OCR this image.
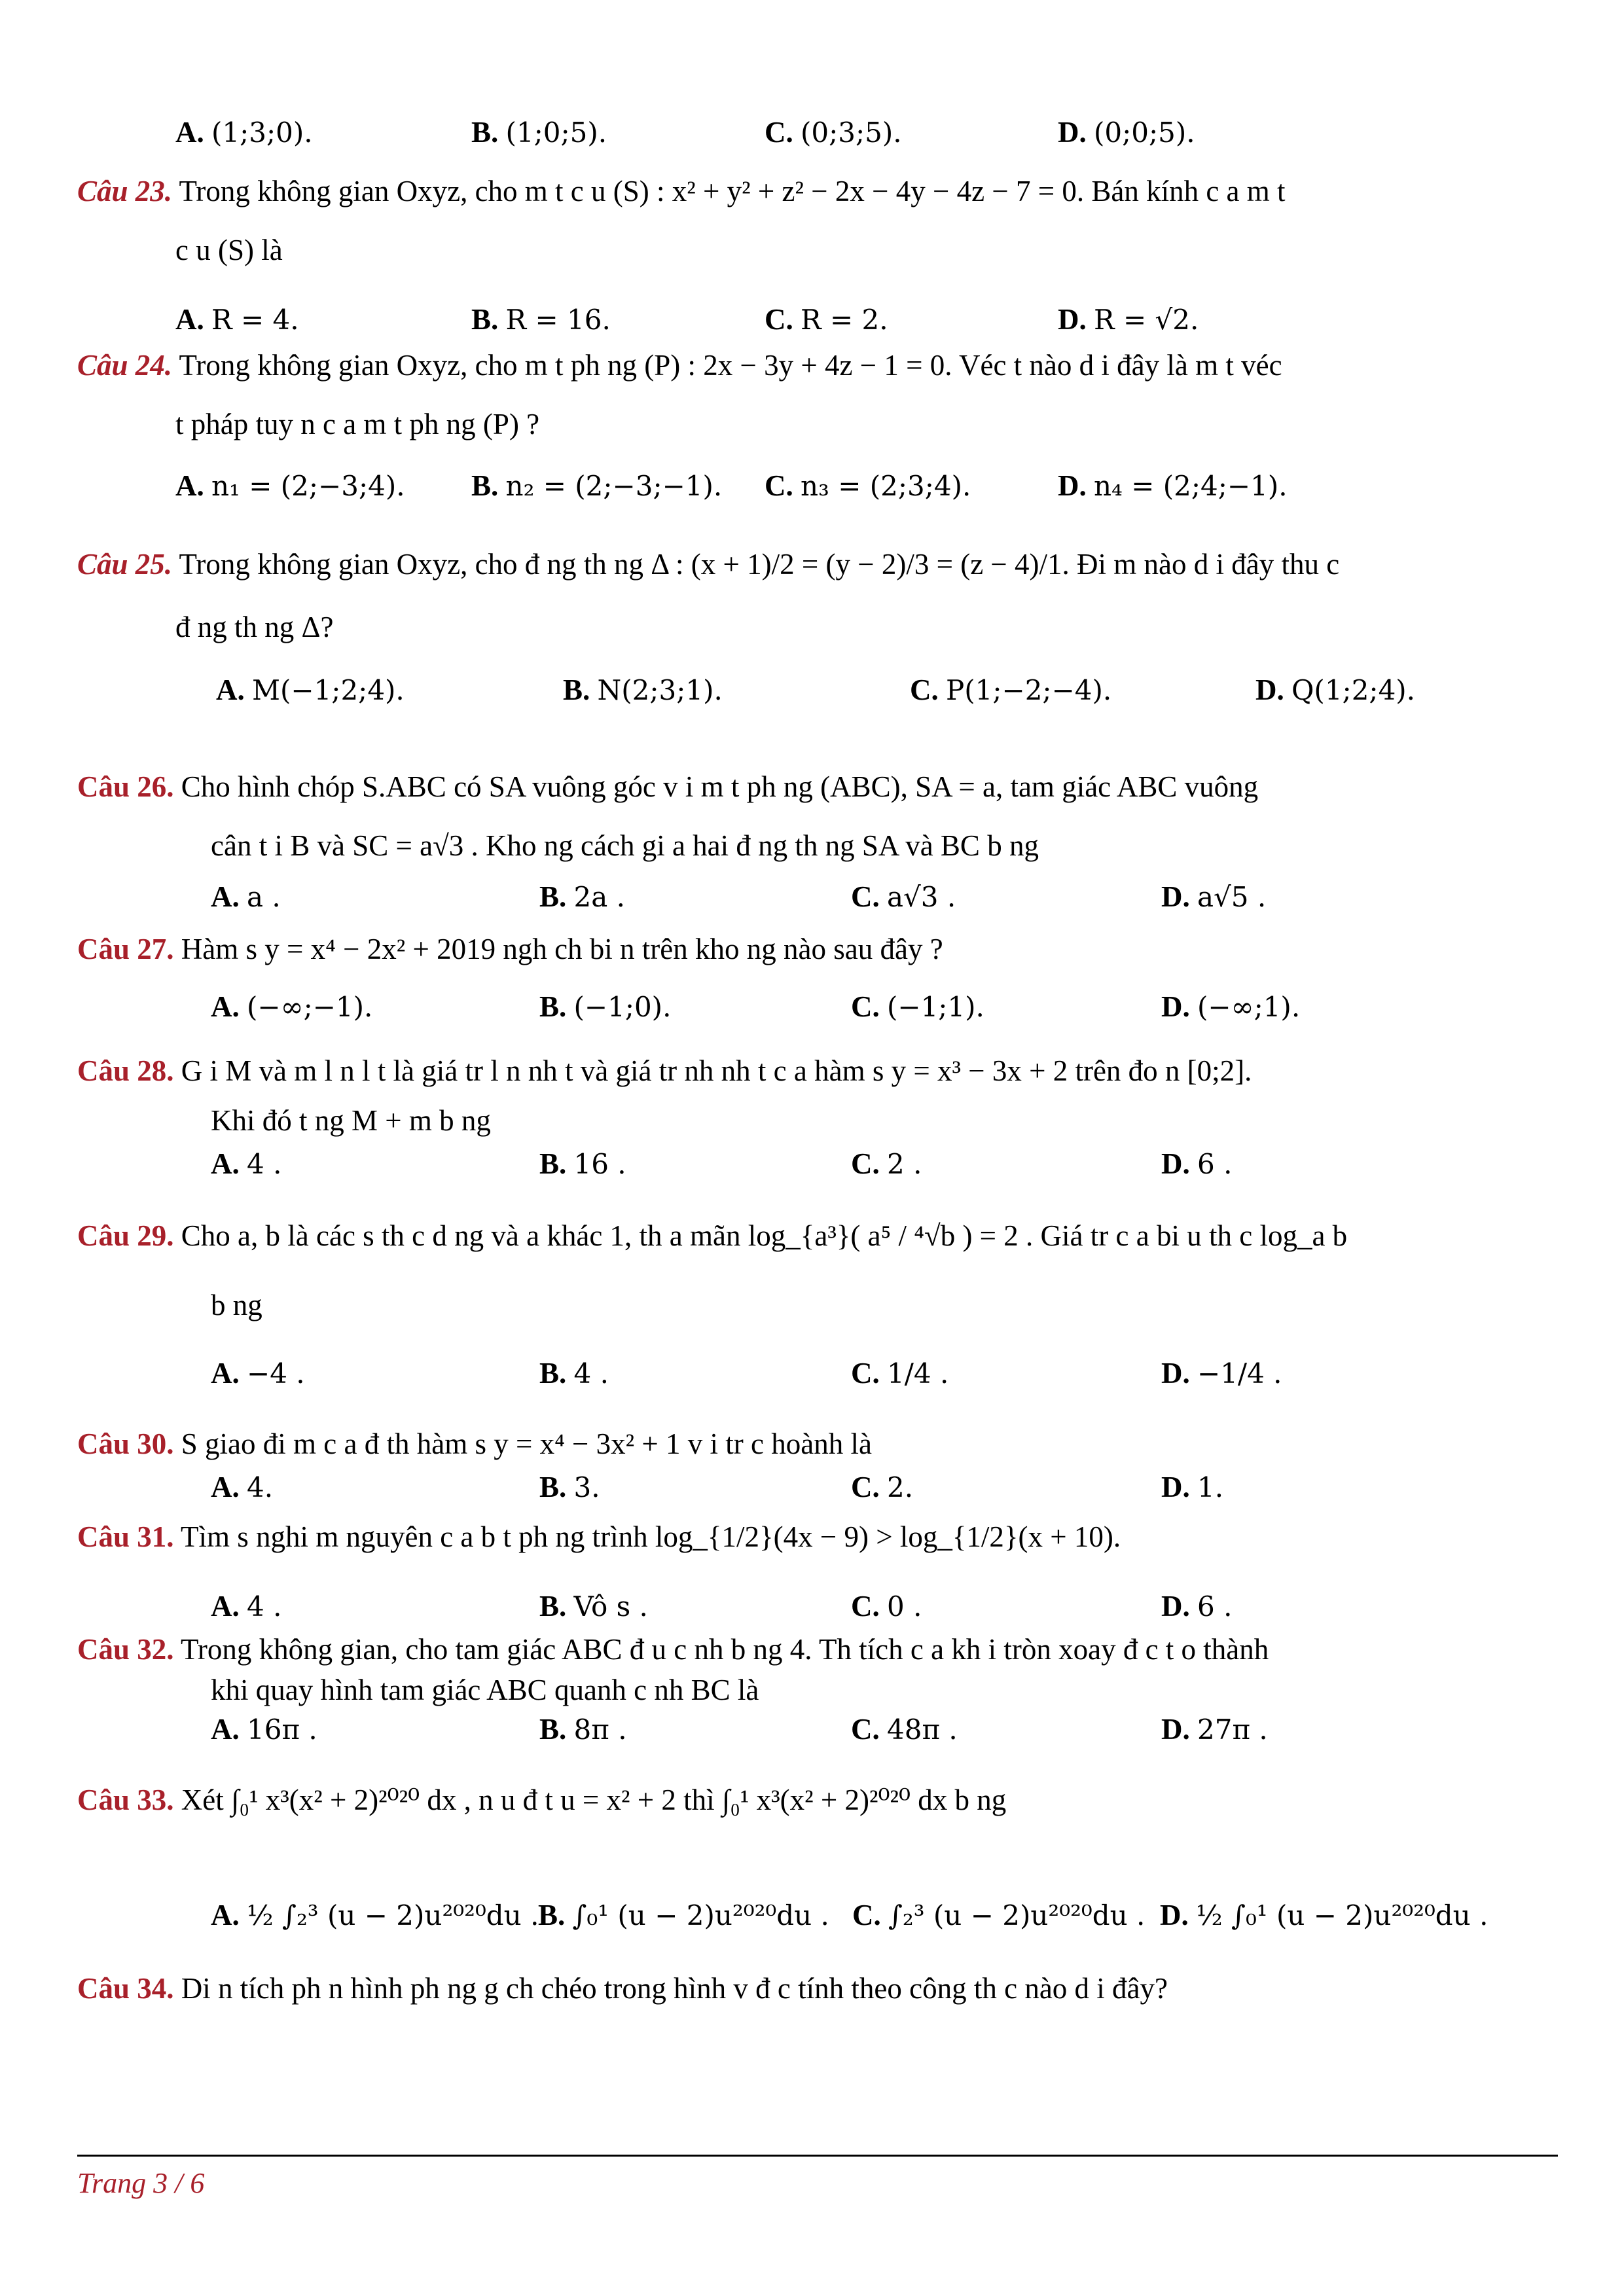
A. (1;3;0).	B. (1;0;5).	C. (0;3;5).	D. (0;0;5).
Câu 23. Trong không gian Oxyz, cho m t c u (S) : x² + y² + z² − 2x − 4y − 4z − 7 = 0. Bán kính c a m t
c u (S) là
A. R = 4.	B. R = 16.	C. R = 2.	D. R = √2.
Câu 24. Trong không gian Oxyz, cho m t ph ng (P) : 2x − 3y + 4z − 1 = 0. Véc t nào d i đây là m t véc
t pháp tuy n c a m t ph ng (P) ?
A. n₁ = (2;−3;4). B. n₂ = (2;−3;−1). C. n₃ = (2;3;4).	D. n₄ = (2;4;−1).
Câu 25. Trong không gian Oxyz, cho đ ng th ng Δ : (x + 1)/2 = (y − 2)/3 = (z − 4)/1. Đi m nào d i đây thu c
đ ng th ng Δ?
A. M(−1;2;4).	B. N(2;3;1).	C. P(1;−2;−4).	D. Q(1;2;4).
Câu 26. Cho hình chóp S.ABC có SA vuông góc v i m t ph ng (ABC), SA = a, tam giác ABC vuông
cân t i B và SC = a√3 . Kho ng cách gi a hai đ ng th ng SA và BC b ng
A. a .	B. 2a .	C. a√3 .	D. a√5 .
Câu 27. Hàm s y = x⁴ − 2x² + 2019 ngh ch bi n trên kho ng nào sau đây ?
A. (−∞;−1).	B. (−1;0).	C. (−1;1).	D. (−∞;1).
Câu 28. G i M và m l n l t là giá tr l n nh t và giá tr nh nh t c a hàm s y = x³ − 3x + 2 trên đo n [0;2].
Khi đó t ng M + m b ng
A. 4 .	B. 16 .	C. 2 .	D. 6 .
Câu 29. Cho a, b là các s th c d ng và a khác 1, th a mãn log_{a³}( a⁵ / ⁴√b ) = 2 . Giá tr c a bi u th c log_a b
b ng
A. −4 .	B. 4 .	C. 1/4 .	D. −1/4 .
Câu 30. S giao đi m c a đ th hàm s y = x⁴ − 3x² + 1 v i tr c hoành là
A. 4.	B. 3.	C. 2.	D. 1.
Câu 31. Tìm s nghi m nguyên c a b t ph ng trình log_{1/2}(4x − 9) > log_{1/2}(x + 10).
A. 4 .	B. Vô s .	C. 0 .	D. 6 .
Câu 32. Trong không gian, cho tam giác ABC đ u c nh b ng 4. Th tích c a kh i tròn xoay đ c t o thành
khi quay hình tam giác ABC quanh c nh BC là
A. 16π .	B. 8π .	C. 48π .	D. 27π .
Câu 33. Xét ∫₀¹ x³(x² + 2)²⁰²⁰ dx , n u đ t u = x² + 2 thì ∫₀¹ x³(x² + 2)²⁰²⁰ dx b ng
A. ½ ∫₂³ (u − 2)u²⁰²⁰du .
B. ∫₀¹ (u − 2)u²⁰²⁰du . C. ∫₂³ (u − 2)u²⁰²⁰du . D. ½ ∫₀¹ (u − 2)u²⁰²⁰du .
Câu 34. Di n tích ph n hình ph ng g ch chéo trong hình v đ c tính theo công th c nào d i đây?
Trang 3 / 6
